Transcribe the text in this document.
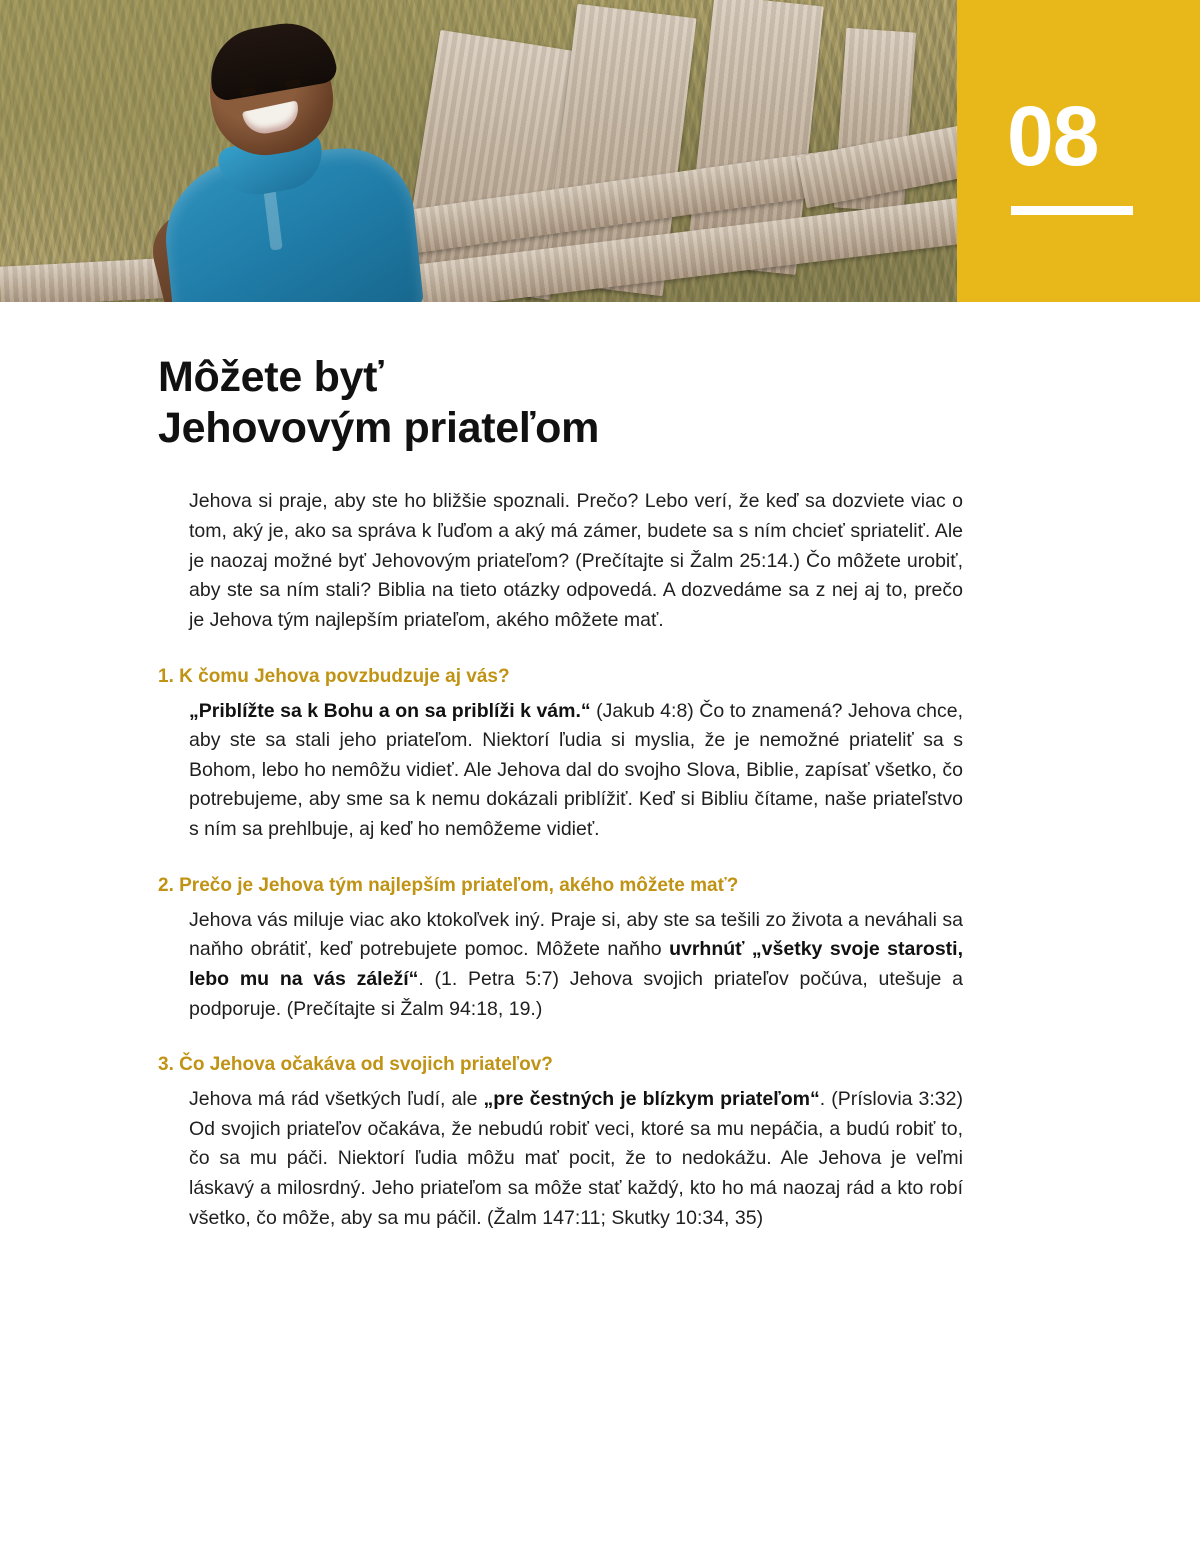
08
Môžete byť
Jehovovým priateľom

Jehova si praje, aby ste ho bližšie spoznali. Prečo? Lebo verí, že keď sa dozviete viac o tom, aký je, ako sa správa k ľuďom a aký má zámer, budete sa s ním chcieť spriateliť. Ale je naozaj možné byť Jehovovým priateľom? (Prečítajte si Žalm 25:14.) Čo môžete urobiť, aby ste sa ním stali? Biblia na tieto otázky odpovedá. A dozvedáme sa z nej aj to, prečo je Jehova tým najlepším priateľom, akého môžete mať.

1. K čomu Jehova povzbudzuje aj vás?

„Priblížte sa k Bohu a on sa priblíži k vám.“ (Jakub 4:8) Čo to znamená? Jehova chce, aby ste sa stali jeho priateľom. Niektorí ľudia si myslia, že je nemožné priateliť sa s Bohom, lebo ho nemôžu vidieť. Ale Jehova dal do svojho Slova, Biblie, zapísať všetko, čo potrebujeme, aby sme sa k nemu dokázali priblížiť. Keď si Bibliu čítame, naše priateľstvo s ním sa prehlbuje, aj keď ho nemôžeme vidieť.

2. Prečo je Jehova tým najlepším priateľom, akého môžete mať?

Jehova vás miluje viac ako ktokoľvek iný. Praje si, aby ste sa tešili zo života a neváhali sa naňho obrátiť, keď potrebujete pomoc. Môžete naňho uvrhnúť „všetky svoje starosti, lebo mu na vás záleží“. (1. Petra 5:7) Jehova svojich priateľov počúva, utešuje a podporuje. (Prečítajte si Žalm 94:18, 19.)

3. Čo Jehova očakáva od svojich priateľov?

Jehova má rád všetkých ľudí, ale „pre čestných je blízkym priateľom“. (Príslovia 3:32) Od svojich priateľov očakáva, že nebudú robiť veci, ktoré sa mu nepáčia, a budú robiť to, čo sa mu páči. Niektorí ľudia môžu mať pocit, že to nedokážu. Ale Jehova je veľmi láskavý a milosrdný. Jeho priateľom sa môže stať každý, kto ho má naozaj rád a kto robí všetko, čo môže, aby sa mu páčil. (Žalm 147:11; Skutky 10:34, 35)
